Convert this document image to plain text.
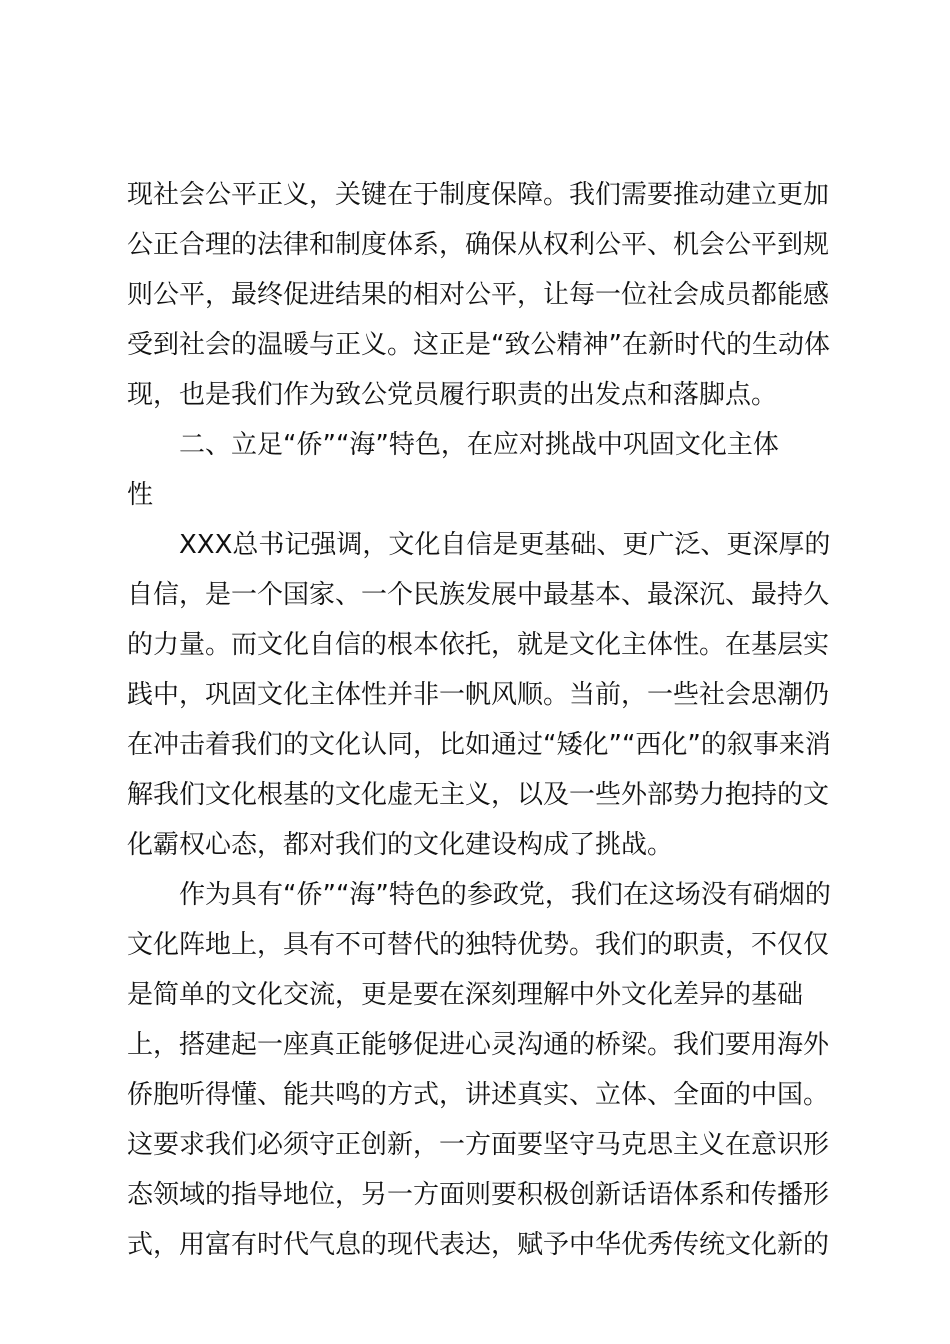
现社会公平正义，关键在于制度保障。我们需要推动建立更加
公正合理的法律和制度体系，确保从权利公平、机会公平到规
则公平，最终促进结果的相对公平，让每一位社会成员都能感
受到社会的温暖与正义。这正是“致公精神”在新时代的生动体
现，也是我们作为致公党员履行职责的出发点和落脚点。
二、立足“侨”“海”特色，在应对挑战中巩固文化主体
性
XXX总书记强调，文化自信是更基础、更广泛、更深厚的
自信，是一个国家、一个民族发展中最基本、最深沉、最持久
的力量。而文化自信的根本依托，就是文化主体性。在基层实
践中，巩固文化主体性并非一帆风顺。当前，一些社会思潮仍
在冲击着我们的文化认同，比如通过“矮化”“西化”的叙事来消
解我们文化根基的文化虚无主义，以及一些外部势力抱持的文
化霸权心态，都对我们的文化建设构成了挑战。
作为具有“侨”“海”特色的参政党，我们在这场没有硝烟的
文化阵地上，具有不可替代的独特优势。我们的职责，不仅仅
是简单的文化交流，更是要在深刻理解中外文化差异的基础
上，搭建起一座真正能够促进心灵沟通的桥梁。我们要用海外
侨胞听得懂、能共鸣的方式，讲述真实、立体、全面的中国。
这要求我们必须守正创新，一方面要坚守马克思主义在意识形
态领域的指导地位，另一方面则要积极创新话语体系和传播形
式，用富有时代气息的现代表达，赋予中华优秀传统文化新的
